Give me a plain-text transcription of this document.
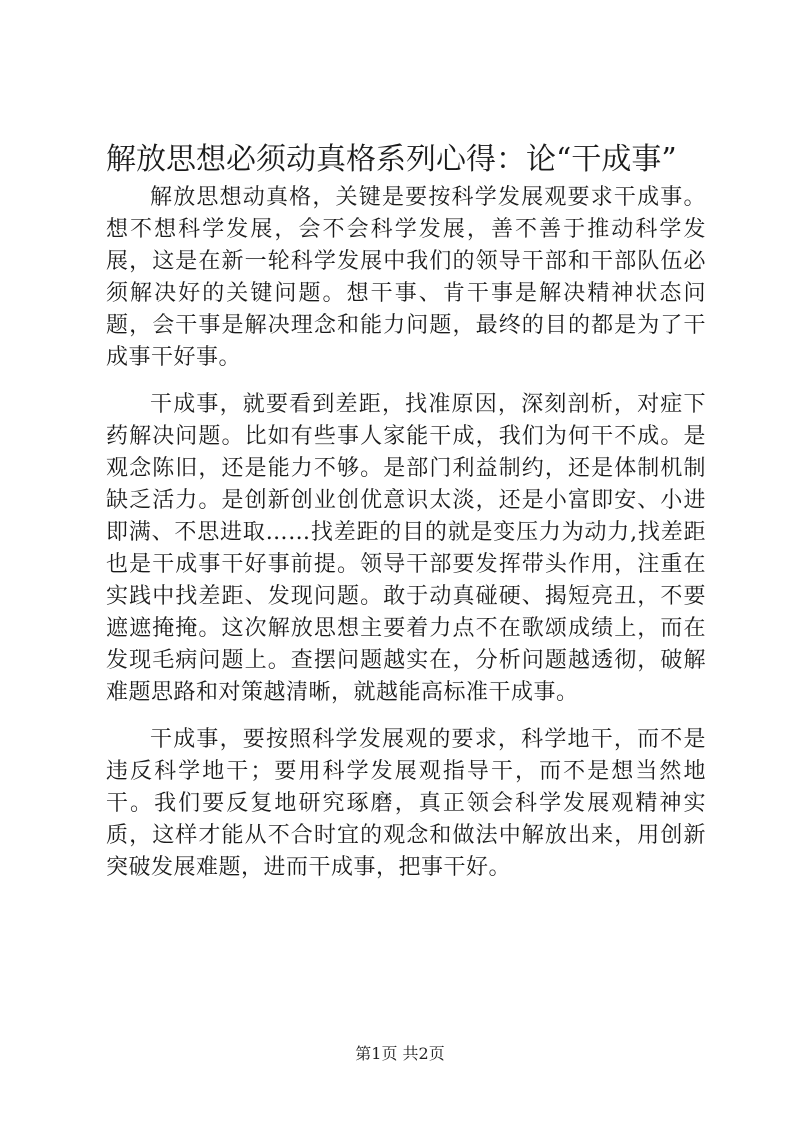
解放思想必须动真格系列心得：论“干成事”

解放思想动真格，关键是要按科学发展观要求干成事。想不想科学发展，会不会科学发展，善不善于推动科学发展，这是在新一轮科学发展中我们的领导干部和干部队伍必须解决好的关键问题。想干事、肯干事是解决精神状态问题，会干事是解决理念和能力问题，最终的目的都是为了干成事干好事。

干成事，就要看到差距，找准原因，深刻剖析，对症下药解决问题。比如有些事人家能干成，我们为何干不成。是观念陈旧，还是能力不够。是部门利益制约，还是体制机制缺乏活力。是创新创业创优意识太淡，还是小富即安、小进即满、不思进取……找差距的目的就是变压力为动力,找差距也是干成事干好事前提。领导干部要发挥带头作用，注重在实践中找差距、发现问题。敢于动真碰硬、揭短亮丑，不要遮遮掩掩。这次解放思想主要着力点不在歌颂成绩上，而在发现毛病问题上。查摆问题越实在，分析问题越透彻，破解难题思路和对策越清晰，就越能高标准干成事。

干成事，要按照科学发展观的要求，科学地干，而不是违反科学地干；要用科学发展观指导干，而不是想当然地干。我们要反复地研究琢磨，真正领会科学发展观精神实质，这样才能从不合时宜的观念和做法中解放出来，用创新突破发展难题，进而干成事，把事干好。

第1页 共2页
